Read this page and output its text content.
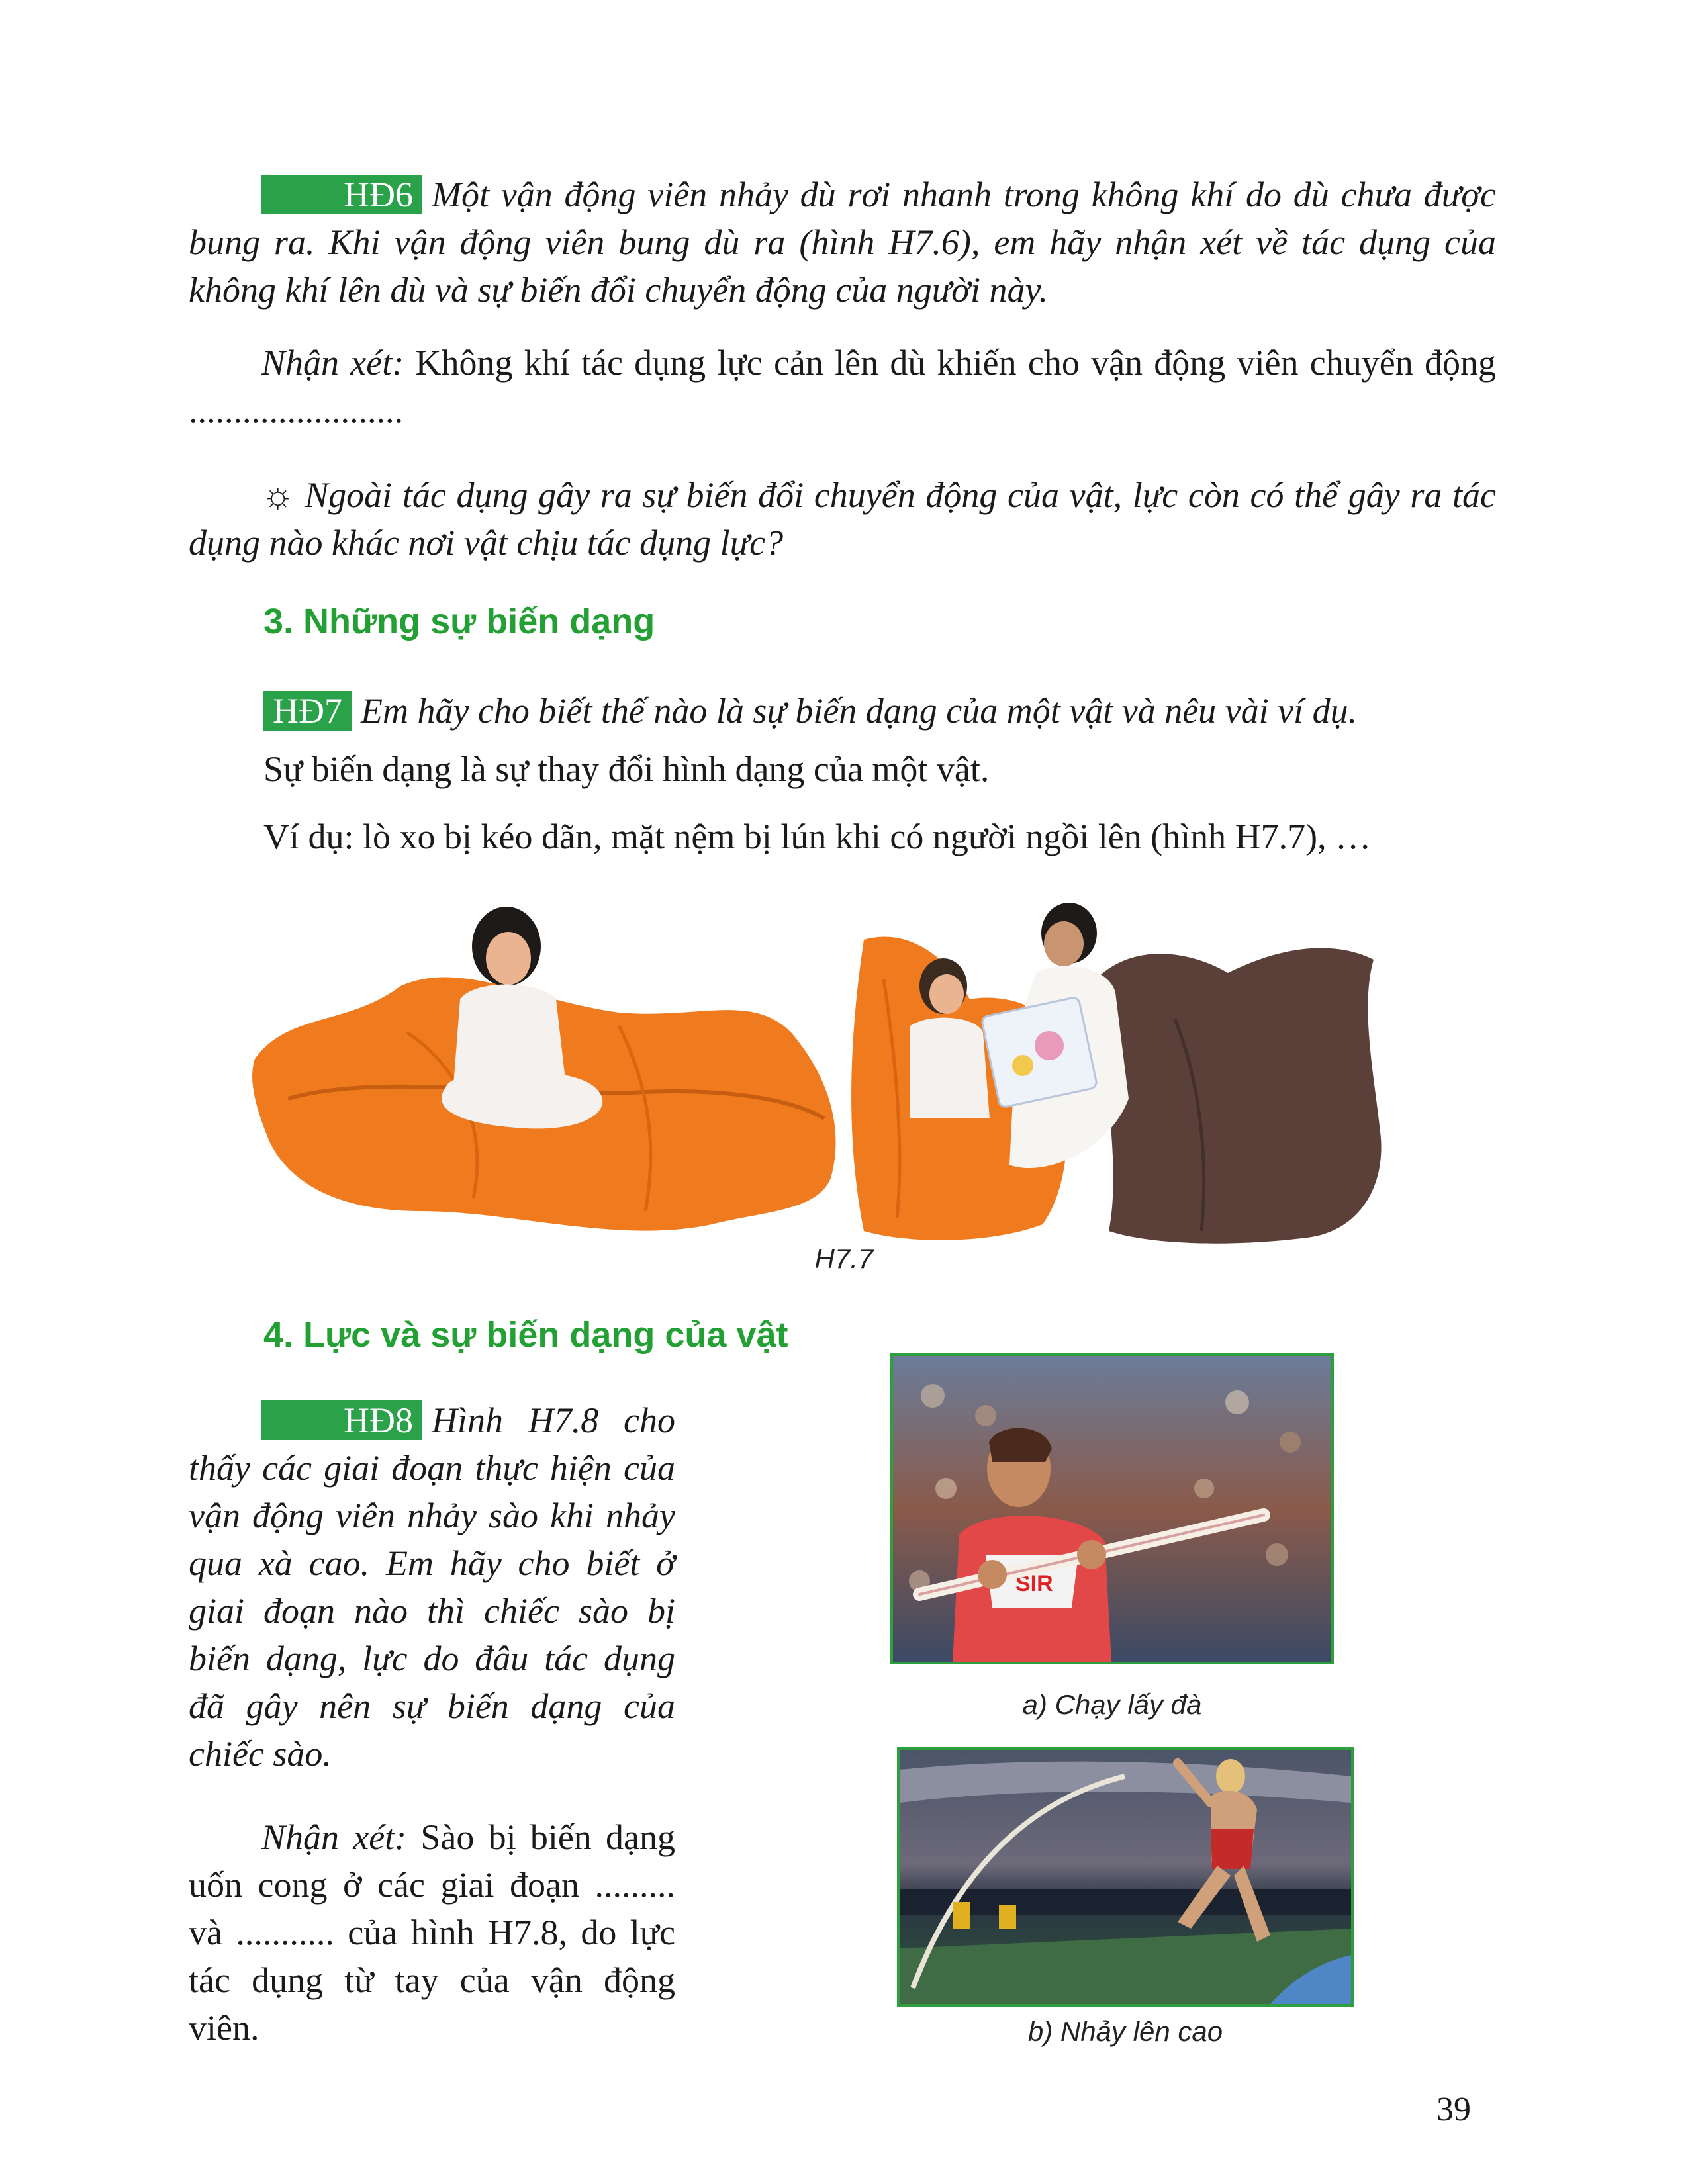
HĐ6 Một vận động viên nhảy dù rơi nhanh trong không khí do dù chưa được bung ra. Khi vận động viên bung dù ra (hình H7.6), em hãy nhận xét về tác dụng của không khí lên dù và sự biến đổi chuyển động của người này.
Nhận xét: Không khí tác dụng lực cản lên dù khiến cho vận động viên chuyển động ........................
☼ Ngoài tác dụng gây ra sự biến đổi chuyển động của vật, lực còn có thể gây ra tác dụng nào khác nơi vật chịu tác dụng lực?
3. Những sự biến dạng
HĐ7 Em hãy cho biết thế nào là sự biến dạng của một vật và nêu vài ví dụ.
Sự biến dạng là sự thay đổi hình dạng của một vật.
Ví dụ: lò xo bị kéo dãn, mặt nệm bị lún khi có người ngồi lên (hình H7.7), …
H7.7
4. Lực và sự biến dạng của vật
HĐ8 Hình H7.8 cho thấy các giai đoạn thực hiện của vận động viên nhảy sào khi nhảy qua xà cao. Em hãy cho biết ở giai đoạn nào thì chiếc sào bị biến dạng, lực do đâu tác dụng đã gây nên sự biến dạng của chiếc sào.
Nhận xét: Sào bị biến dạng uốn cong ở các giai đoạn ......... và ........... của hình H7.8, do lực tác dụng từ tay của vận động viên.
SIR
a) Chạy lấy đà
b) Nhảy lên cao
39
